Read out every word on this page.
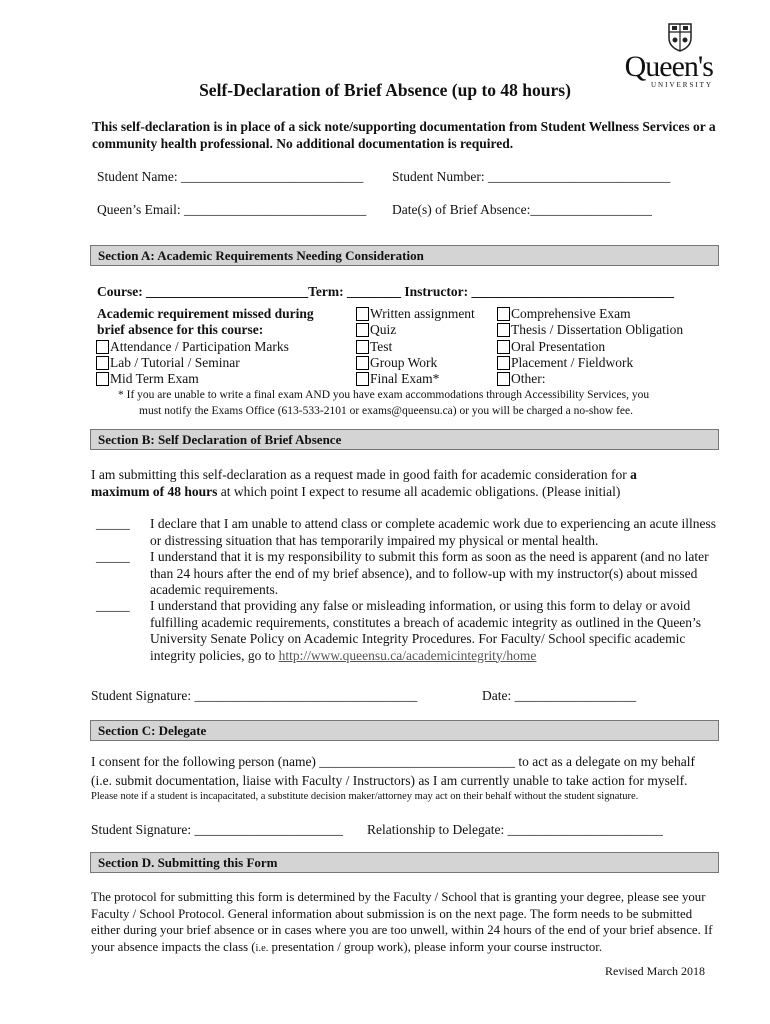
Queen's
UNIVERSITY
Self-Declaration of Brief Absence (up to 48 hours)
This self-declaration is in place of a sick note/supporting documentation from Student Wellness Services or a community health professional. No additional documentation is required.
Student Name: ___________________________ Student Number: ___________________________
Queen’s Email: ___________________________ Date(s) of Brief Absence:__________________
Section A: Academic Requirements Needing Consideration
Course: ________________________Term: ________ Instructor: ______________________________
Academic requirement missed during
brief absence for this course:
Attendance / Participation Marks
Lab / Tutorial / Seminar
Mid Term Exam
Written assignment
Quiz
Test
Group Work
Final Exam*
Comprehensive Exam
Thesis / Dissertation Obligation
Oral Presentation
Placement / Fieldwork
Other:
* If you are unable to write a final exam AND you have exam accommodations through Accessibility Services, you
must notify the Exams Office (613-533-2101 or exams@queensu.ca) or you will be charged a no-show fee.
Section B: Self Declaration of Brief Absence
I am submitting this self-declaration as a request made in good faith for academic consideration for a
maximum of 48 hours at which point I expect to resume all academic obligations. (Please initial)
_____ I declare that I am unable to attend class or complete academic work due to experiencing an acute illness or distressing situation that has temporarily impaired my physical or mental health.
_____ I understand that it is my responsibility to submit this form as soon as the need is apparent (and no later than 24 hours after the end of my brief absence), and to follow-up with my instructor(s) about missed academic requirements.
_____ I understand that providing any false or misleading information, or using this form to delay or avoid fulfilling academic requirements, constitutes a breach of academic integrity as outlined in the Queen’s University Senate Policy on Academic Integrity Procedures. For Faculty/ School specific academic integrity policies, go to http://www.queensu.ca/academicintegrity/home
Student Signature: _________________________________	Date: __________________
Section C: Delegate
I consent for the following person (name) _____________________________ to act as a delegate on my behalf
(i.e. submit documentation, liaise with Faculty / Instructors) as I am currently unable to take action for myself.
Please note if a student is incapacitated, a substitute decision maker/attorney may act on their behalf without the student signature.
Student Signature: ______________________ Relationship to Delegate: _______________________
Section D. Submitting this Form
The protocol for submitting this form is determined by the Faculty / School that is granting your degree, please see your Faculty / School Protocol. General information about submission is on the next page. The form needs to be submitted either during your brief absence or in cases where you are too unwell, within 24 hours of the end of your brief absence. If your absence impacts the class (i.e. presentation / group work), please inform your course instructor.
Revised March 2018
